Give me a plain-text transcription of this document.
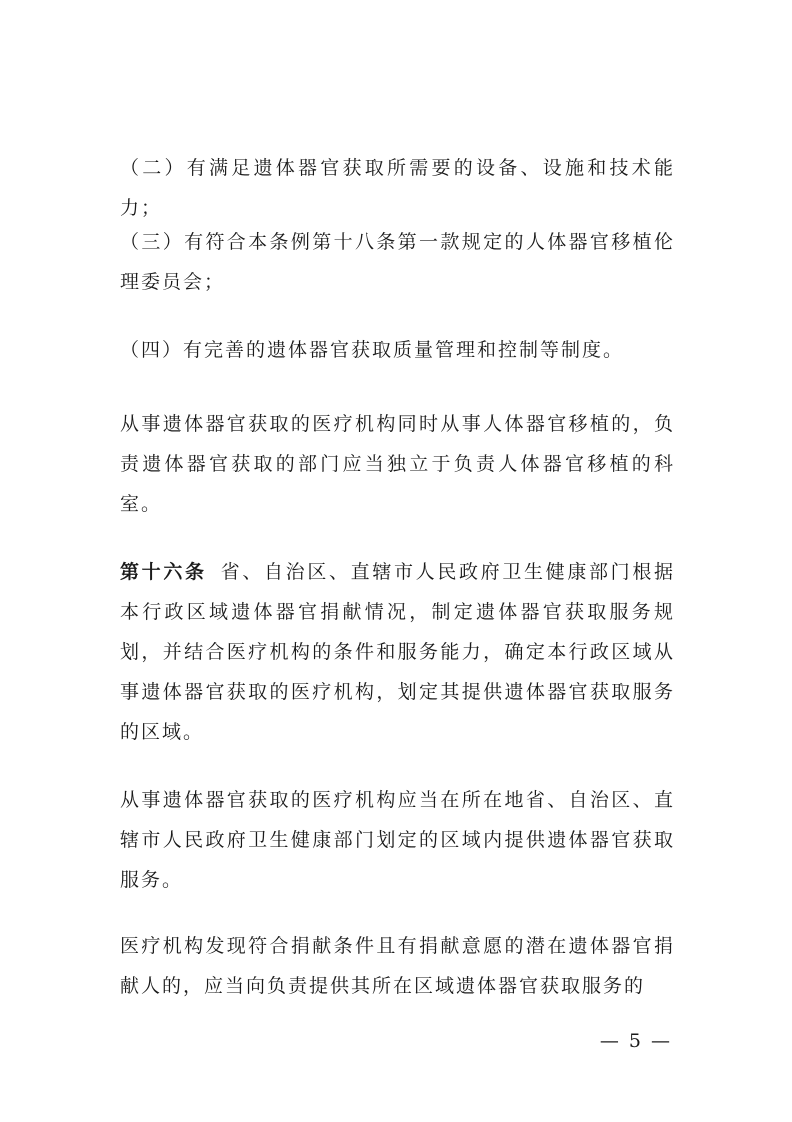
（二）有满足遗体器官获取所需要的设备、设施和技术能力；

（三）有符合本条例第十八条第一款规定的人体器官移植伦理委员会；

（四）有完善的遗体器官获取质量管理和控制等制度。

从事遗体器官获取的医疗机构同时从事人体器官移植的，负责遗体器官获取的部门应当独立于负责人体器官移植的科室。

第十六条 省、自治区、直辖市人民政府卫生健康部门根据本行政区域遗体器官捐献情况，制定遗体器官获取服务规划，并结合医疗机构的条件和服务能力，确定本行政区域从事遗体器官获取的医疗机构，划定其提供遗体器官获取服务的区域。

从事遗体器官获取的医疗机构应当在所在地省、自治区、直辖市人民政府卫生健康部门划定的区域内提供遗体器官获取服务。

医疗机构发现符合捐献条件且有捐献意愿的潜在遗体器官捐献人的，应当向负责提供其所在区域遗体器官获取服务的

— 5 —
